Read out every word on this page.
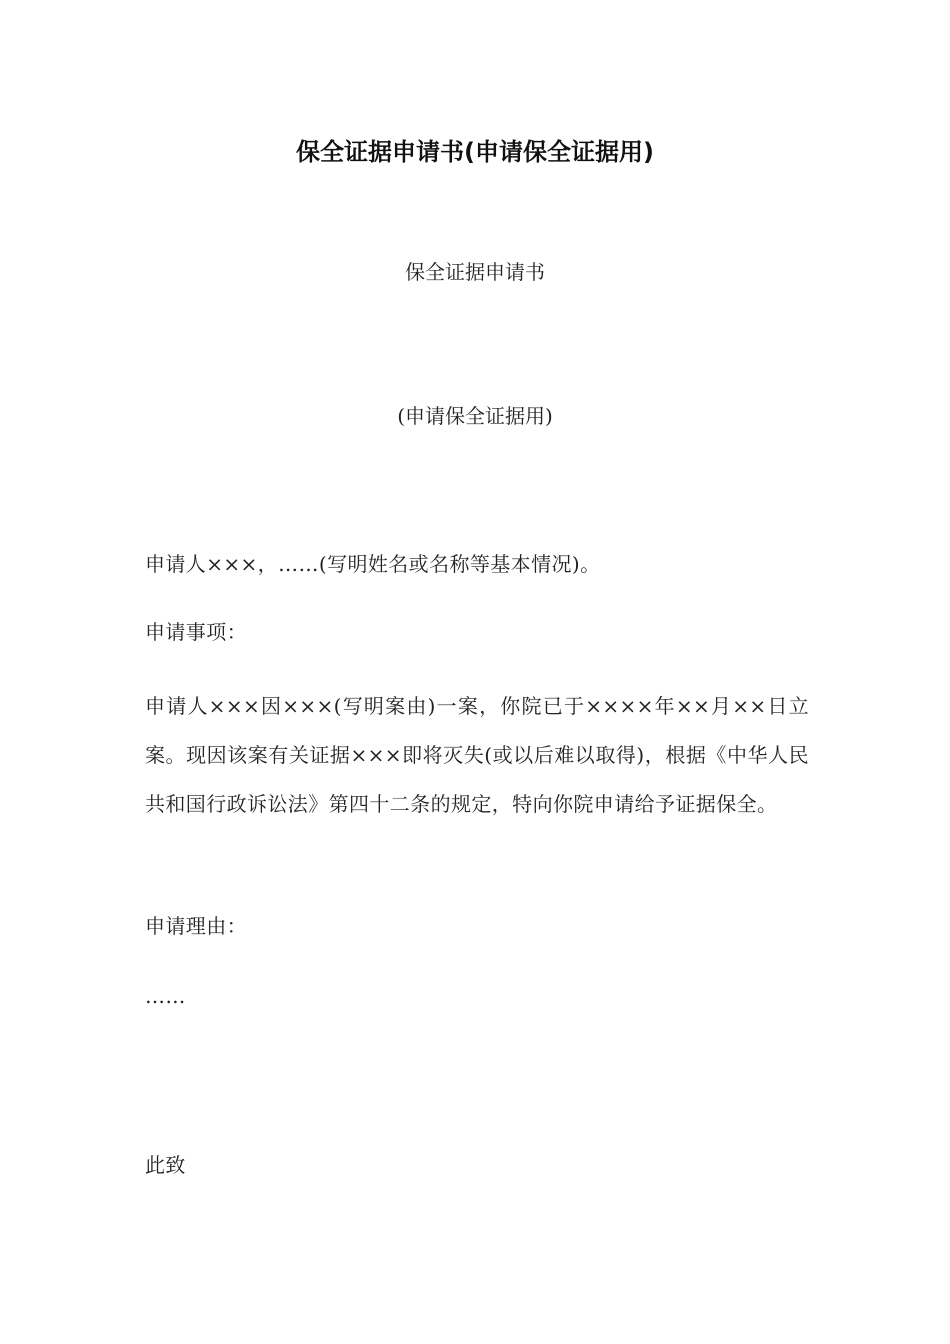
保全证据申请书(申请保全证据用)

保全证据申请书

(申请保全证据用)

申请人×××，……(写明姓名或名称等基本情况)。

申请事项：

申请人×××因×××(写明案由)一案，你院已于××××年××月××日立案。现因该案有关证据×××即将灭失(或以后难以取得)，根据《中华人民共和国行政诉讼法》第四十二条的规定，特向你院申请给予证据保全。

申请理由：

……

此致
